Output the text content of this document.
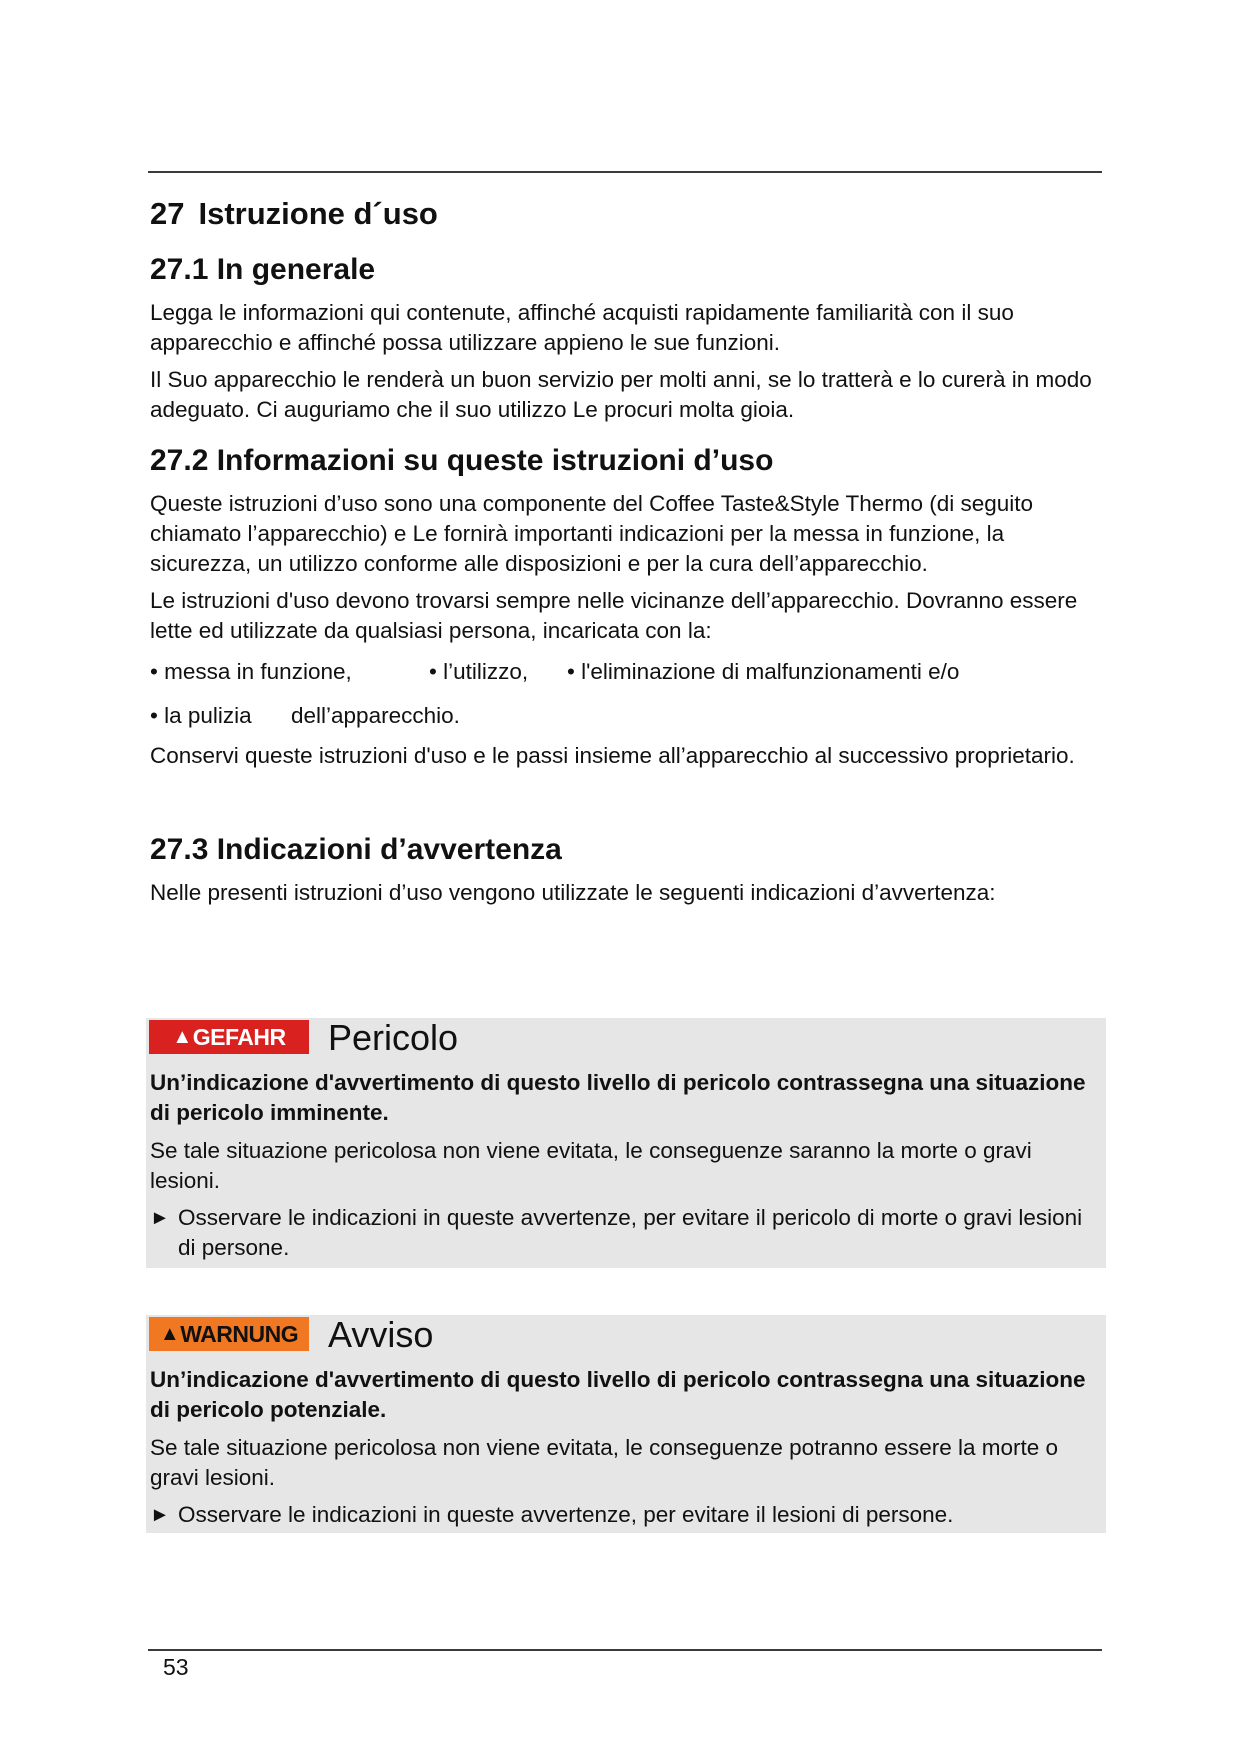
27 Istruzione d´uso
27.1 In generale

Legga le informazioni qui contenute, affinché acquisti rapidamente familiarità con il suo apparecchio e affinché possa utilizzare appieno le sue funzioni.

Il Suo apparecchio le renderà un buon servizio per molti anni, se lo tratterà e lo curerà in modo adeguato. Ci auguriamo che il suo utilizzo Le procuri molta gioia.

27.2 Informazioni su queste istruzioni d’uso

Queste istruzioni d’uso sono una componente del Coffee Taste&Style Thermo (di seguito chiamato l’apparecchio) e Le fornirà importanti indicazioni per la messa in funzione, la sicurezza, un utilizzo conforme alle disposizioni e per la cura dell’apparecchio.

Le istruzioni d'uso devono trovarsi sempre nelle vicinanze dell’apparecchio. Dovranno essere lette ed utilizzate da qualsiasi persona, incaricata con la:

• messa in funzione,	• l’utilizzo, • l'eliminazione di malfunzionamenti e/o
• la pulizia dell’apparecchio.

Conservi queste istruzioni d'uso e le passi insieme all’apparecchio al successivo proprietario.

27.3 Indicazioni d’avvertenza

Nelle presenti istruzioni d’uso vengono utilizzate le seguenti indicazioni d’avvertenza:

▲GEFAHR	Pericolo

Un’indicazione d'avvertimento di questo livello di pericolo contrassegna una situazione di pericolo imminente.

Se tale situazione pericolosa non viene evitata, le conseguenze saranno la morte o gravi lesioni.

► Osservare le indicazioni in queste avvertenze, per evitare il pericolo di morte o gravi lesioni di persone.
▲WARNUNG Avviso

Un’indicazione d'avvertimento di questo livello di pericolo contrassegna una situazione di pericolo potenziale.

Se tale situazione pericolosa non viene evitata, le conseguenze potranno essere la morte o gravi lesioni.

► Osservare le indicazioni in queste avvertenze, per evitare il lesioni di persone.
53
